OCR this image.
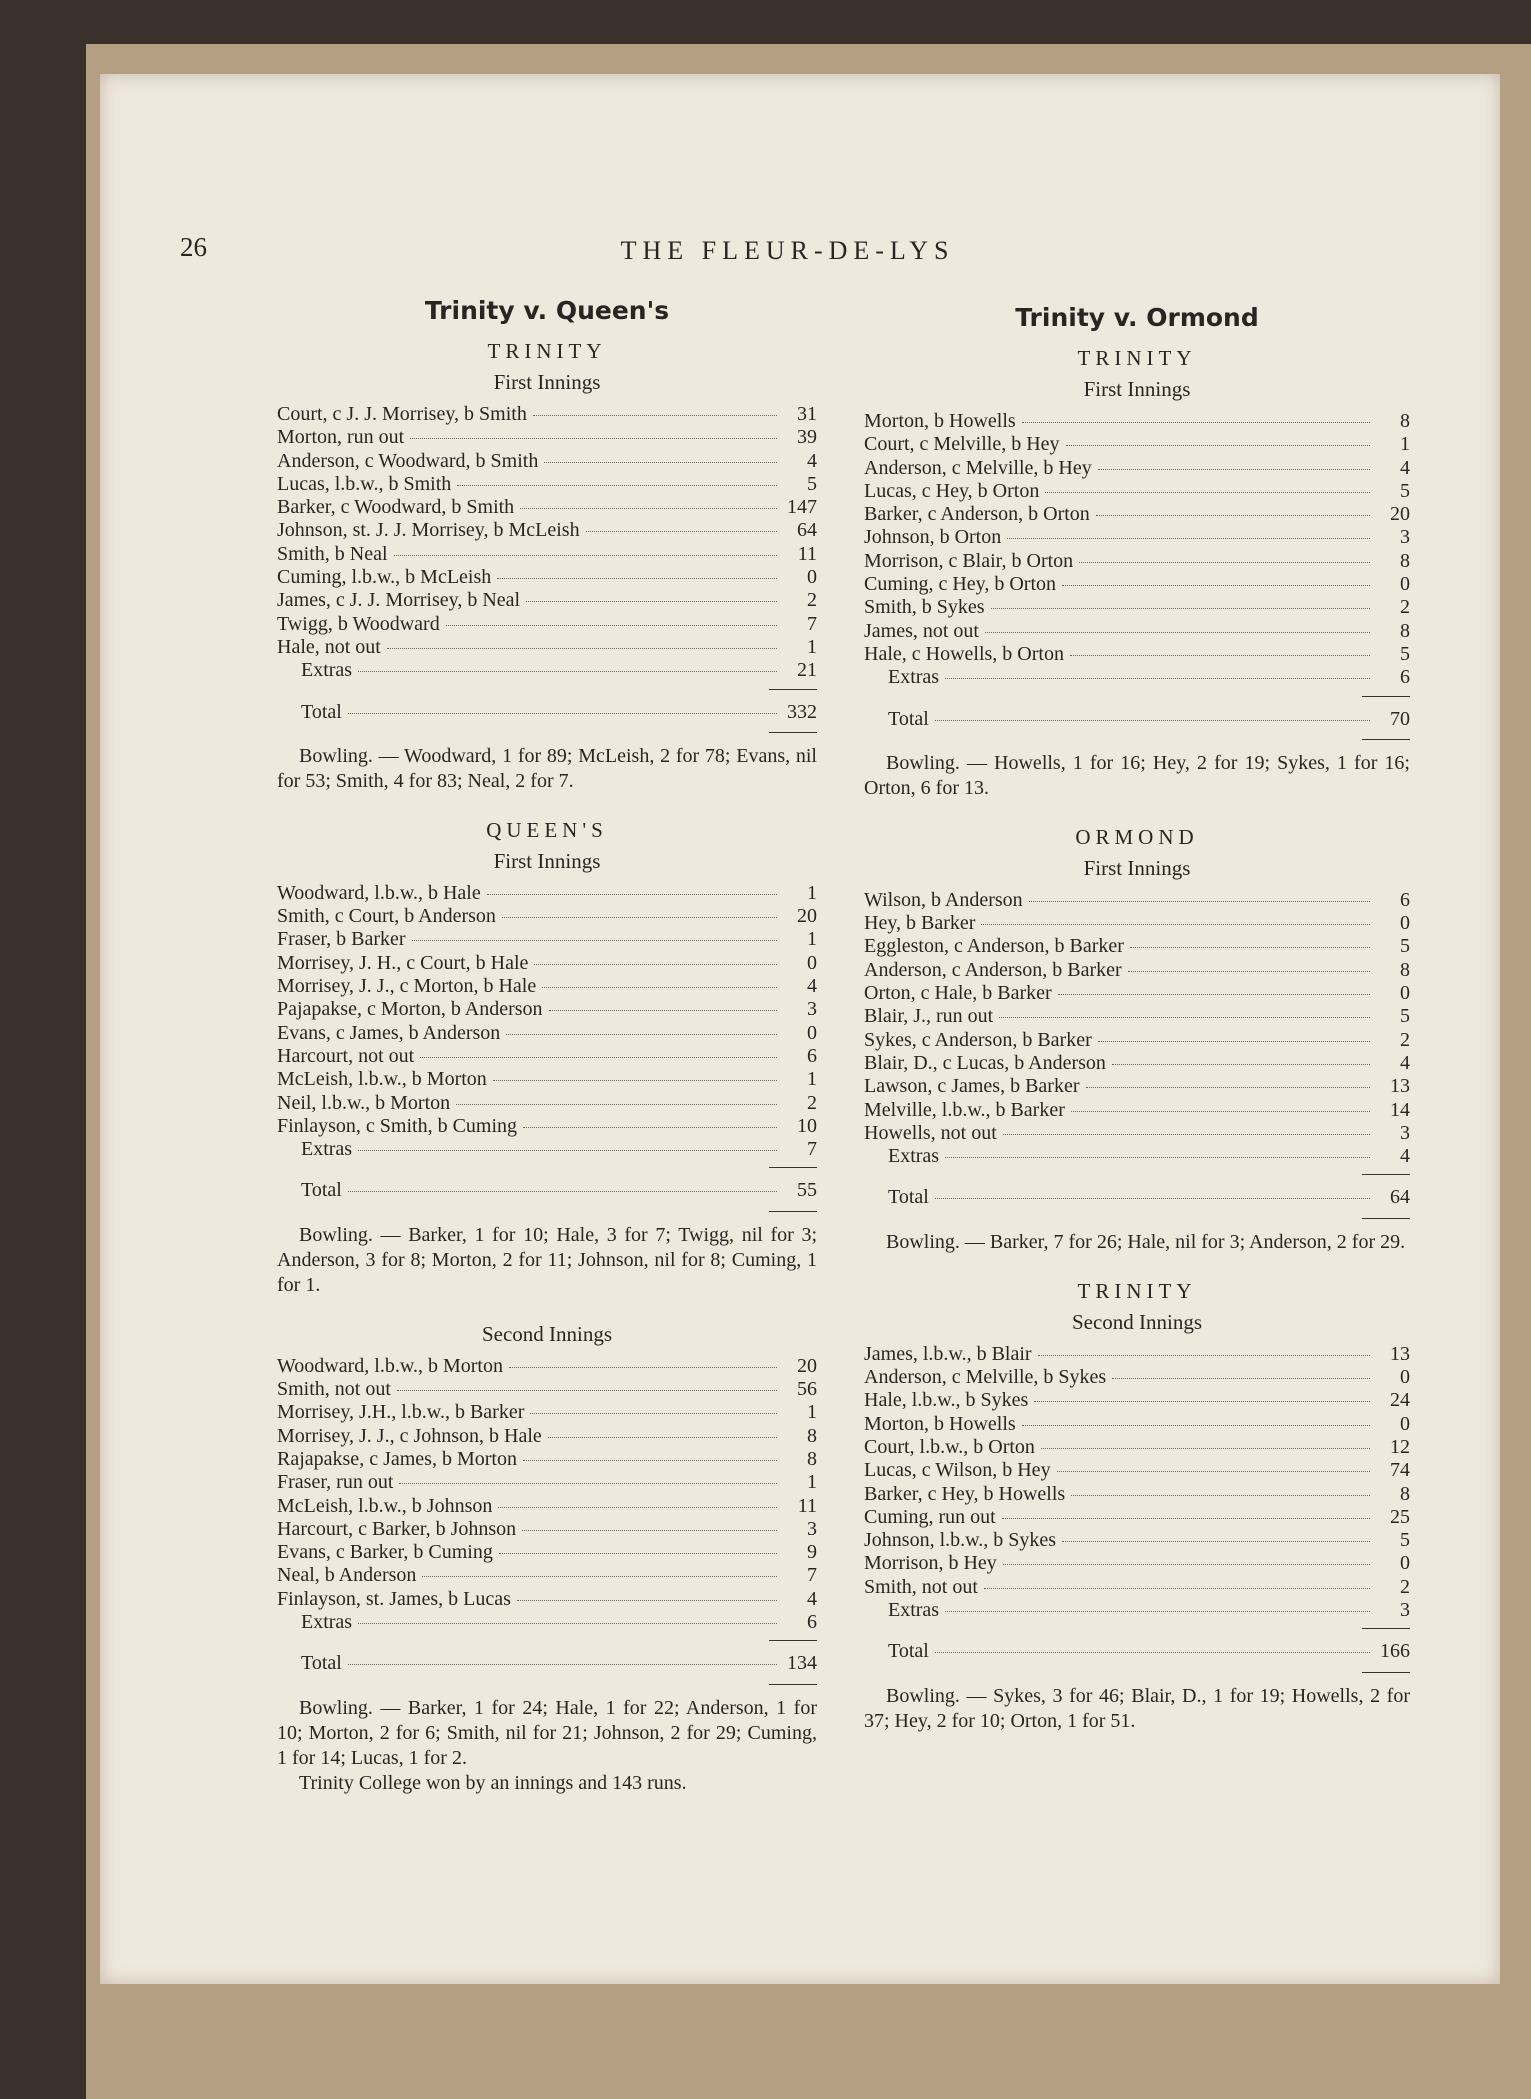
26	THE FLEUR-DE-LYS
Trinity v. Queen's
TRINITY
First Innings
Court, c J. J. Morrisey, b Smith	31
Morton, run out	39
Anderson, c Woodward, b Smith	4
Lucas, l.b.w., b Smith	5
Barker, c Woodward, b Smith	147
Johnson, st. J. J. Morrisey, b McLeish	64
Smith, b Neal	11
Cuming, l.b.w., b McLeish	0
James, c J. J. Morrisey, b Neal	2
Twigg, b Woodward	7
Hale, not out	1
Extras	21
Total	332

Bowling. — Woodward, 1 for 89; McLeish, 2 for 78; Evans, nil for 53; Smith, 4 for 83; Neal, 2 for 7.

QUEEN'S
First Innings
Woodward, l.b.w., b Hale	1
Smith, c Court, b Anderson	20
Fraser, b Barker	1
Morrisey, J. H., c Court, b Hale	0
Morrisey, J. J., c Morton, b Hale	4
Pajapakse, c Morton, b Anderson	3
Evans, c James, b Anderson	0
Harcourt, not out	6
McLeish, l.b.w., b Morton	1
Neil, l.b.w., b Morton	2
Finlayson, c Smith, b Cuming	10
Extras	7
Total	55

Bowling. — Barker, 1 for 10; Hale, 3 for 7; Twigg, nil for 3; Anderson, 3 for 8; Morton, 2 for 11; Johnson, nil for 8; Cuming, 1 for 1.

Second Innings
Woodward, l.b.w., b Morton	20
Smith, not out	56
Morrisey, J.H., l.b.w., b Barker	1
Morrisey, J. J., c Johnson, b Hale	8
Rajapakse, c James, b Morton	8
Fraser, run out	1
McLeish, l.b.w., b Johnson	11
Harcourt, c Barker, b Johnson	3
Evans, c Barker, b Cuming	9
Neal, b Anderson	7
Finlayson, st. James, b Lucas	4
Extras	6
Total	134

Bowling. — Barker, 1 for 24; Hale, 1 for 22; Anderson, 1 for 10; Morton, 2 for 6; Smith, nil for 21; Johnson, 2 for 29; Cuming, 1 for 14; Lucas, 1 for 2.

Trinity College won by an innings and 143 runs.

Trinity v. Ormond
TRINITY
First Innings
Morton, b Howells	8
Court, c Melville, b Hey	1
Anderson, c Melville, b Hey	4
Lucas, c Hey, b Orton	5
Barker, c Anderson, b Orton	20
Johnson, b Orton	3
Morrison, c Blair, b Orton	8
Cuming, c Hey, b Orton	0
Smith, b Sykes	2
James, not out	8
Hale, c Howells, b Orton	5
Extras	6
Total	70

Bowling. — Howells, 1 for 16; Hey, 2 for 19; Sykes, 1 for 16; Orton, 6 for 13.

ORMOND
First Innings
Wilson, b Anderson	6
Hey, b Barker	0
Eggleston, c Anderson, b Barker	5
Anderson, c Anderson, b Barker	8
Orton, c Hale, b Barker	0
Blair, J., run out	5
Sykes, c Anderson, b Barker	2
Blair, D., c Lucas, b Anderson	4
Lawson, c James, b Barker	13
Melville, l.b.w., b Barker	14
Howells, not out	3
Extras	4
Total	64

Bowling. — Barker, 7 for 26; Hale, nil for 3; Anderson, 2 for 29.

TRINITY
Second Innings
James, l.b.w., b Blair	13
Anderson, c Melville, b Sykes	0
Hale, l.b.w., b Sykes	24
Morton, b Howells	0
Court, l.b.w., b Orton	12
Lucas, c Wilson, b Hey	74
Barker, c Hey, b Howells	8
Cuming, run out	25
Johnson, l.b.w., b Sykes	5
Morrison, b Hey	0
Smith, not out	2
Extras	3
Total	166

Bowling. — Sykes, 3 for 46; Blair, D., 1 for 19; Howells, 2 for 37; Hey, 2 for 10; Orton, 1 for 51.
